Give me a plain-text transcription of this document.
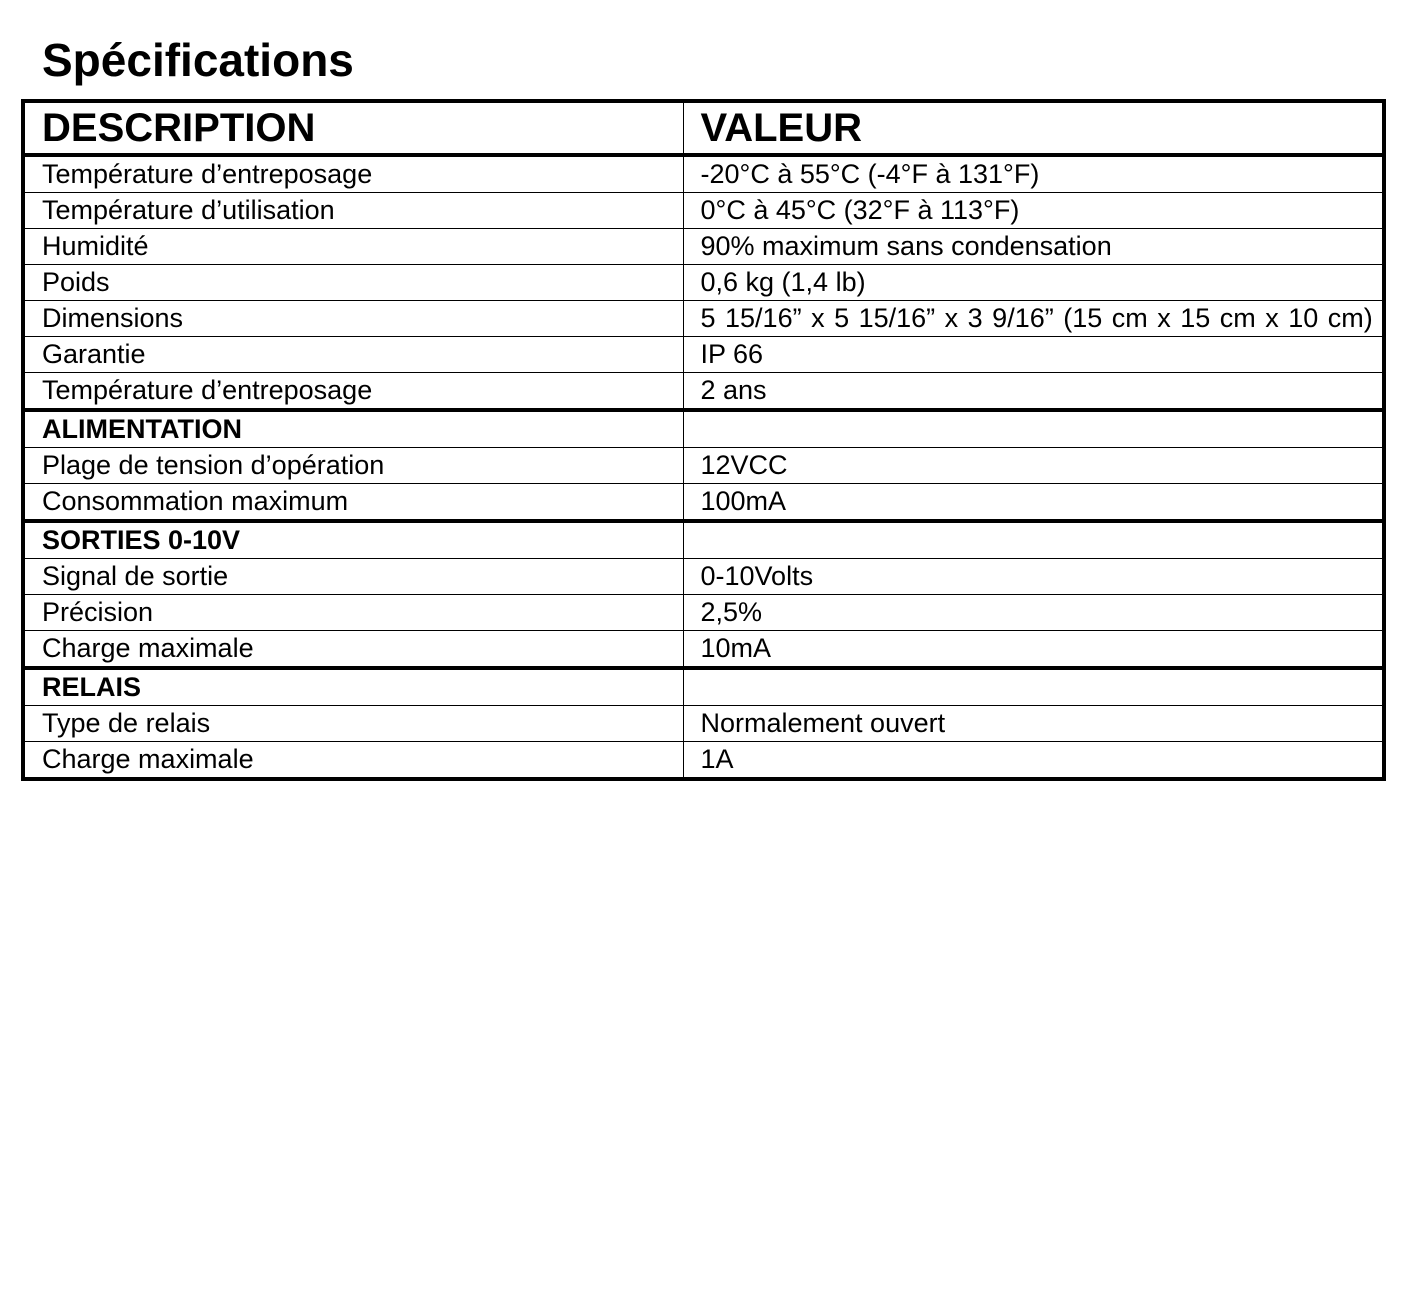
Spécifications
DESCRIPTION	VALEUR
Température d’entreposage	-20°C à 55°C (-4°F à 131°F)
Température d’utilisation	0°C à 45°C (32°F à 113°F)
Humidité	90% maximum sans condensation
Poids	0,6 kg (1,4 lb)
Dimensions	5 15/16” x 5 15/16” x 3 9/16” (15 cm x 15 cm x 10 cm)
Garantie	IP 66
Température d’entreposage	2 ans
ALIMENTATION	
Plage de tension d’opération	12VCC
Consommation maximum	100mA
SORTIES 0-10V	
Signal de sortie	0-10Volts
Précision	2,5%
Charge maximale	10mA
RELAIS	
Type de relais	Normalement ouvert
Charge maximale	1A
